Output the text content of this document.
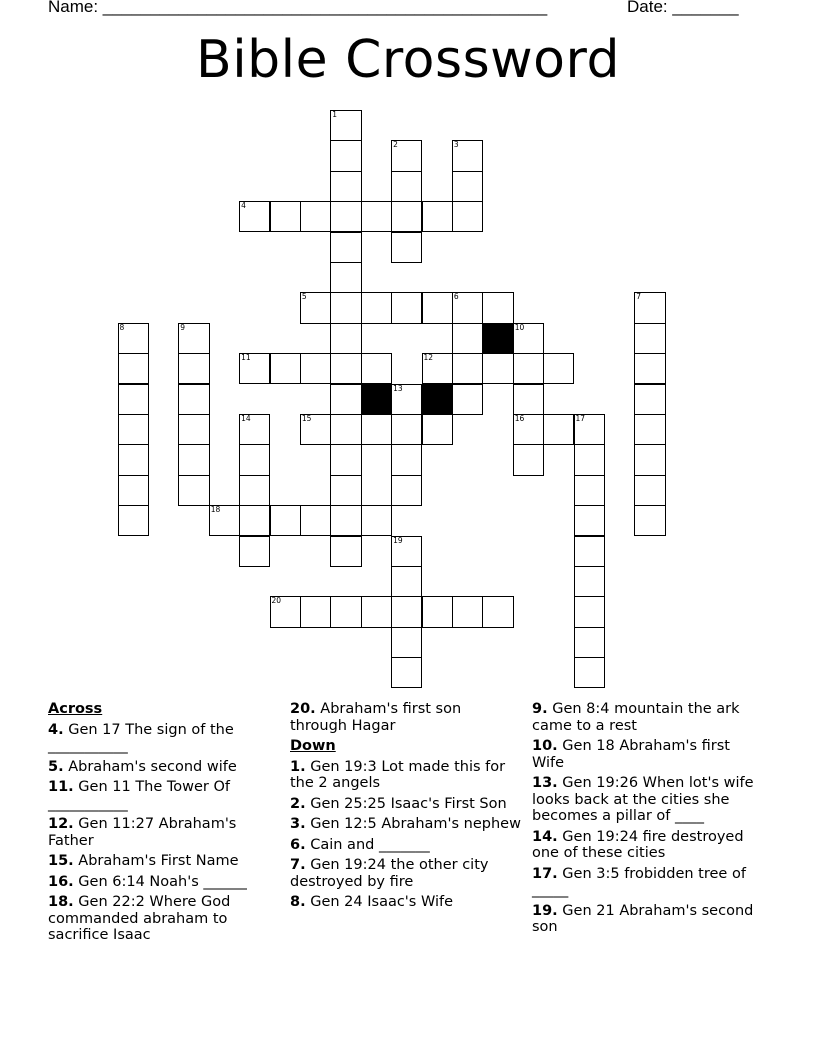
Name: _______________________________________________	Date: _______
Bible Crossword
1
2	3
4
5	6	7
8	9	10
11	12
13
14	15	16	17
18
19
20
Across
4. Gen 17 The sign of the ___________
5. Abraham's second wife
11. Gen 11 The Tower Of ___________
12. Gen 11:27 Abraham's Father
15. Abraham's First Name
16. Gen 6:14 Noah's ______
18. Gen 22:2 Where God commanded abraham to sacrifice Isaac
20. Abraham's first son through Hagar
Down
1. Gen 19:3 Lot made this for the 2 angels
2. Gen 25:25 Isaac's First Son
3. Gen 12:5 Abraham's nephew
6. Cain and _______
7. Gen 19:24 the other city destroyed by fire
8. Gen 24 Isaac's Wife
9. Gen 8:4 mountain the ark came to a rest
10. Gen 18 Abraham's first Wife
13. Gen 19:26 When lot's wife looks back at the cities she becomes a pillar of ____
14. Gen 19:24 fire destroyed one of these cities
17. Gen 3:5 frobidden tree of _____
19. Gen 21 Abraham's second son
